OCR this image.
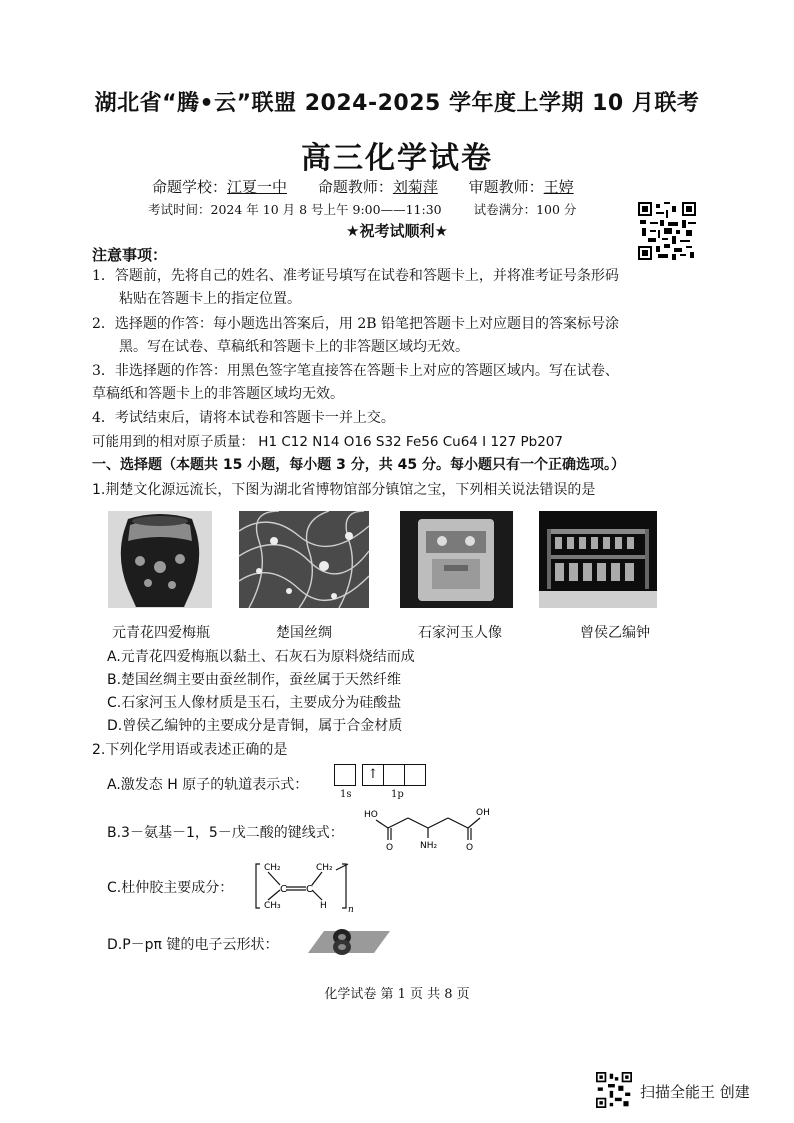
湖北省“腾•云”联盟 2024-2025 学年度上学期 10 月联考
高三化学试卷
命题学校：江夏一中 命题教师：刘菊萍 审题教师：王婷
考试时间：2024 年 10 月 8 号上午 9:00——11:30	试卷满分：100 分
★祝考试顺利★
注意事项：
1．答题前，先将自己的姓名、准考证号填写在试卷和答题卡上，并将准考证号条形码
粘贴在答题卡上的指定位置。
2．选择题的作答：每小题选出答案后，用 2B 铅笔把答题卡上对应题目的答案标号涂
黑。写在试卷、草稿纸和答题卡上的非答题区域均无效。
3．非选择题的作答：用黑色签字笔直接答在答题卡上对应的答题区域内。写在试卷、
草稿纸和答题卡上的非答题区域均无效。
4．考试结束后，请将本试卷和答题卡一并上交。
可能用到的相对原子质量： H1 C12 N14 O16 S32 Fe56 Cu64 I 127 Pb207
一、选择题（本题共 15 小题，每小题 3 分，共 45 分。每小题只有一个正确选项。）
1.荆楚文化源远流长，下图为湖北省博物馆部分镇馆之宝，下列相关说法错误的是
元青花四爱梅瓶	楚国丝绸	石家河玉人像	曾侯乙编钟
A.元青花四爱梅瓶以黏土、石灰石为原料烧结而成
B.楚国丝绸主要由蚕丝制作，蚕丝属于天然纤维
C.石家河玉人像材质是玉石，主要成分为硅酸盐
D.曾侯乙编钟的主要成分是青铜，属于合金材质
2.下列化学用语或表述正确的是
A.激发态 H 原子的轨道表示式：
↑
1s	1p
B.3－氨基－1，5－戊二酸的键线式：
HO	OH
O	O
NH₂
C.杜仲胶主要成分：
CH₂
CH₃
C C
CH₂
H n
D.P－pπ 键的电子云形状：
化学试卷 第 1 页 共 8 页
扫描全能王 创建
